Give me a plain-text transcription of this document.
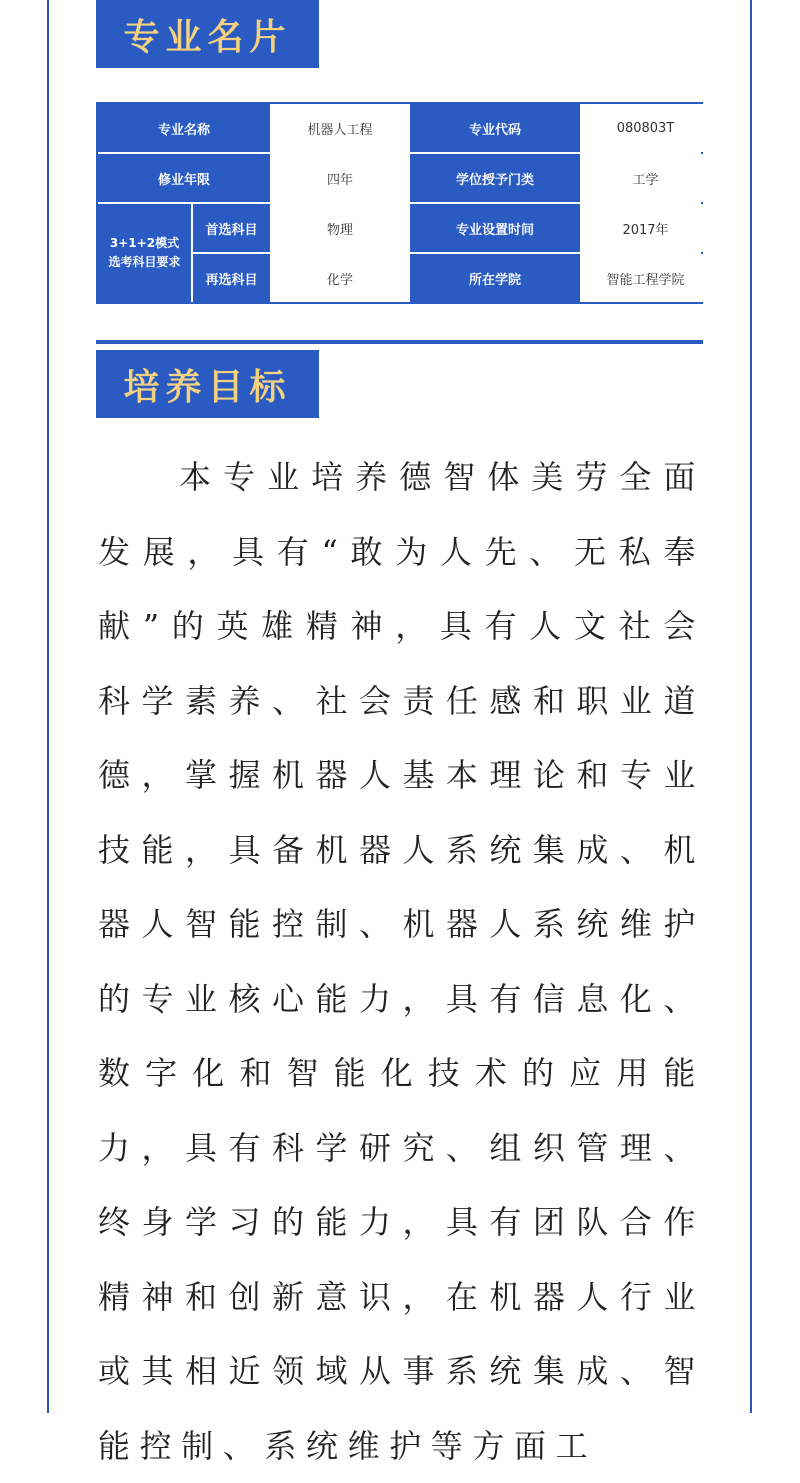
专业名片
专业名称	机器人工程	专业代码	080803T
修业年限	四年	学位授予门类	工学
3+1+2模式
选考科目要求
首选科目	物理	专业设置时间	2017年
再选科目	化学	所在学院	智能工程学院
培养目标

本专业培养德智体美劳全面发展，具有“敢为人先、无私奉献”的英雄精神，具有人文社会科学素养、社会责任感和职业道德，掌握机器人基本理论和专业技能，具备机器人系统集成、机器人智能控制、机器人系统维护的专业核心能力，具有信息化、数字化和智能化技术的应用能力，具有科学研究、组织管理、终身学习的能力，具有团队合作精神和创新意识，在机器人行业或其相近领域从事系统集成、智能控制、系统维护等方面工
